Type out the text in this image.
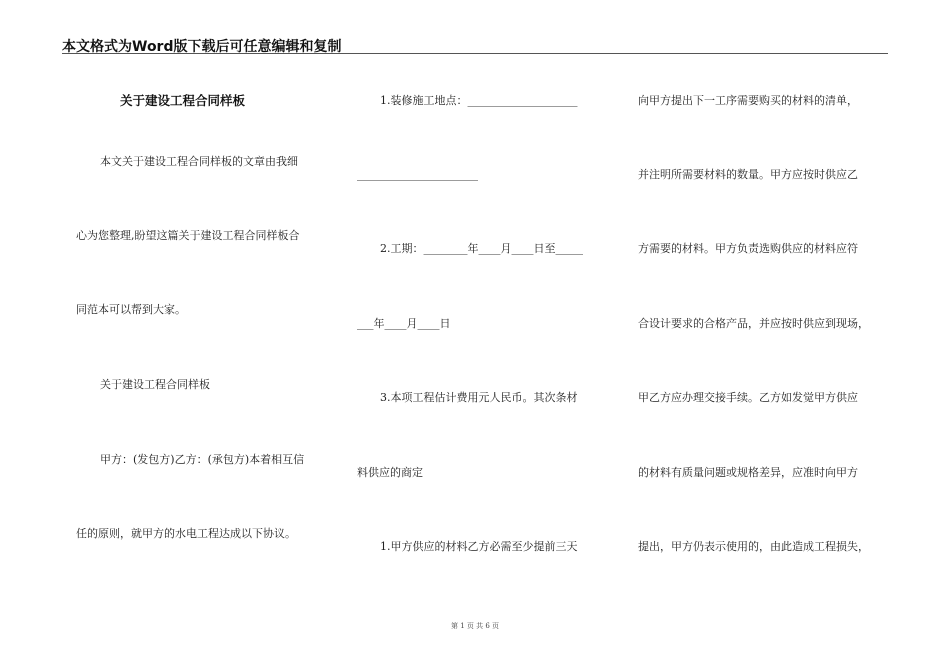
本文格式为Word版下载后可任意编辑和复制
关于建设工程合同样板
本文关于建设工程合同样板的文章由我细
心为您整理,盼望这篇关于建设工程合同样板合
同范本可以帮到大家。
关于建设工程合同样板
甲方：(发包方)乙方：(承包方)本着相互信
任的原则，就甲方的水电工程达成以下协议。
1.装修施工地点：____________________
______________________
2.工期：________年____月____日至_____
___年____月____日
3.本项工程估计费用元人民币。其次条材
料供应的商定
1.甲方供应的材料乙方必需至少提前三天
向甲方提出下一工序需要购买的材料的清单，
并注明所需要材料的数量。甲方应按时供应乙
方需要的材料。甲方负责选购供应的材料应符
合设计要求的合格产品，并应按时供应到现场，
甲乙方应办理交接手续。乙方如发觉甲方供应
的材料有质量问题或规格差异，应准时向甲方
提出，甲方仍表示使用的，由此造成工程损失，
第 1 页 共 6 页
